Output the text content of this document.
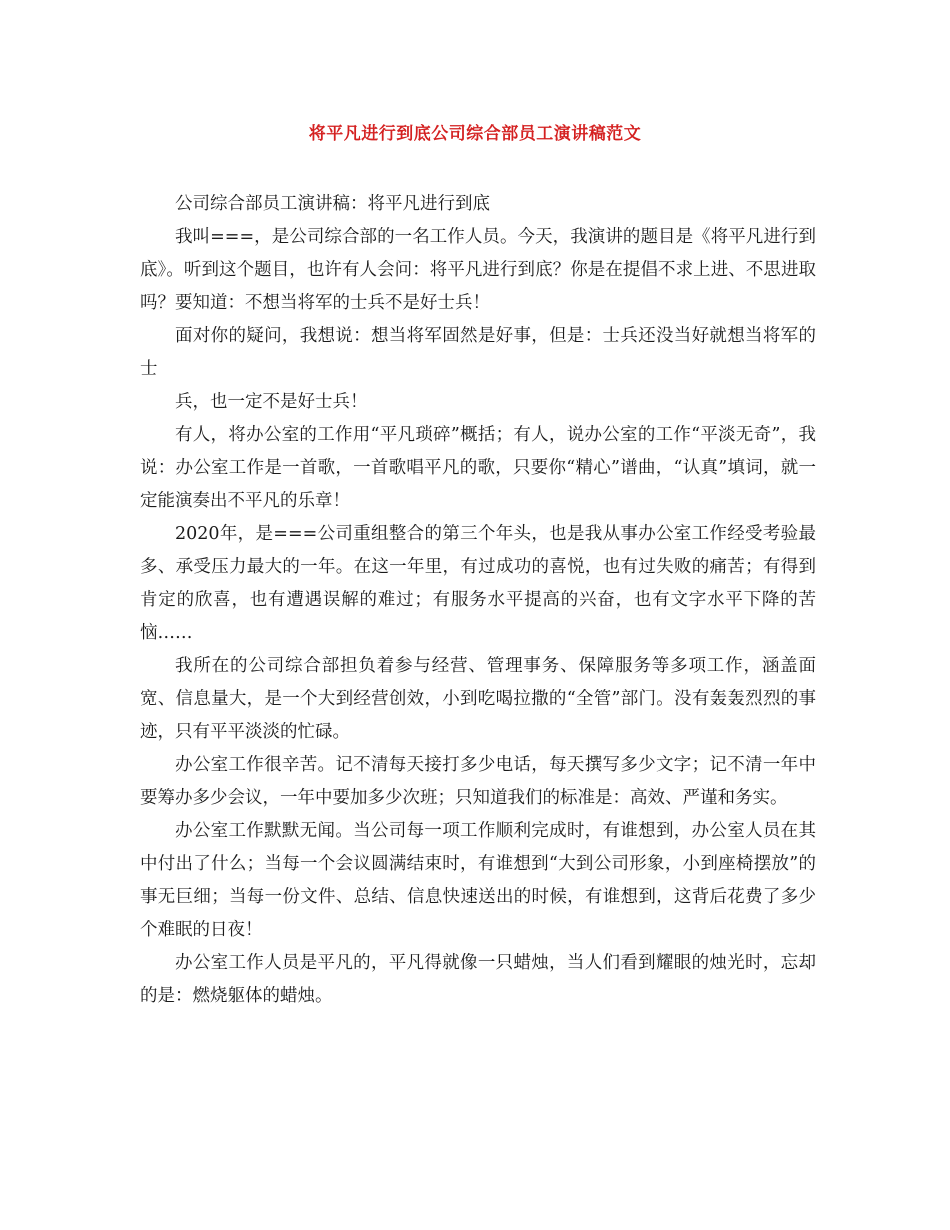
将平凡进行到底公司综合部员工演讲稿范文

公司综合部员工演讲稿：将平凡进行到底

我叫===，是公司综合部的一名工作人员。今天，我演讲的题目是《将平凡进行到底》。听到这个题目，也许有人会问：将平凡进行到底？你是在提倡不求上进、不思进取吗？要知道：不想当将军的士兵不是好士兵！

面对你的疑问，我想说：想当将军固然是好事，但是：士兵还没当好就想当将军的士

兵，也一定不是好士兵！

有人，将办公室的工作用“平凡琐碎”概括；有人，说办公室的工作“平淡无奇”，我说：办公室工作是一首歌，一首歌唱平凡的歌，只要你“精心”谱曲，“认真”填词，就一定能演奏出不平凡的乐章！

2020年，是===公司重组整合的第三个年头，也是我从事办公室工作经受考验最多、承受压力最大的一年。在这一年里，有过成功的喜悦，也有过失败的痛苦；有得到肯定的欣喜，也有遭遇误解的难过；有服务水平提高的兴奋，也有文字水平下降的苦恼……

我所在的公司综合部担负着参与经营、管理事务、保障服务等多项工作，涵盖面宽、信息量大，是一个大到经营创效，小到吃喝拉撒的“全管”部门。没有轰轰烈烈的事迹，只有平平淡淡的忙碌。

办公室工作很辛苦。记不清每天接打多少电话，每天撰写多少文字；记不清一年中要筹办多少会议，一年中要加多少次班；只知道我们的标准是：高效、严谨和务实。

办公室工作默默无闻。当公司每一项工作顺利完成时，有谁想到，办公室人员在其中付出了什么；当每一个会议圆满结束时，有谁想到“大到公司形象，小到座椅摆放”的事无巨细；当每一份文件、总结、信息快速送出的时候，有谁想到，这背后花费了多少个难眠的日夜！

办公室工作人员是平凡的，平凡得就像一只蜡烛，当人们看到耀眼的烛光时，忘却的是：燃烧躯体的蜡烛。
